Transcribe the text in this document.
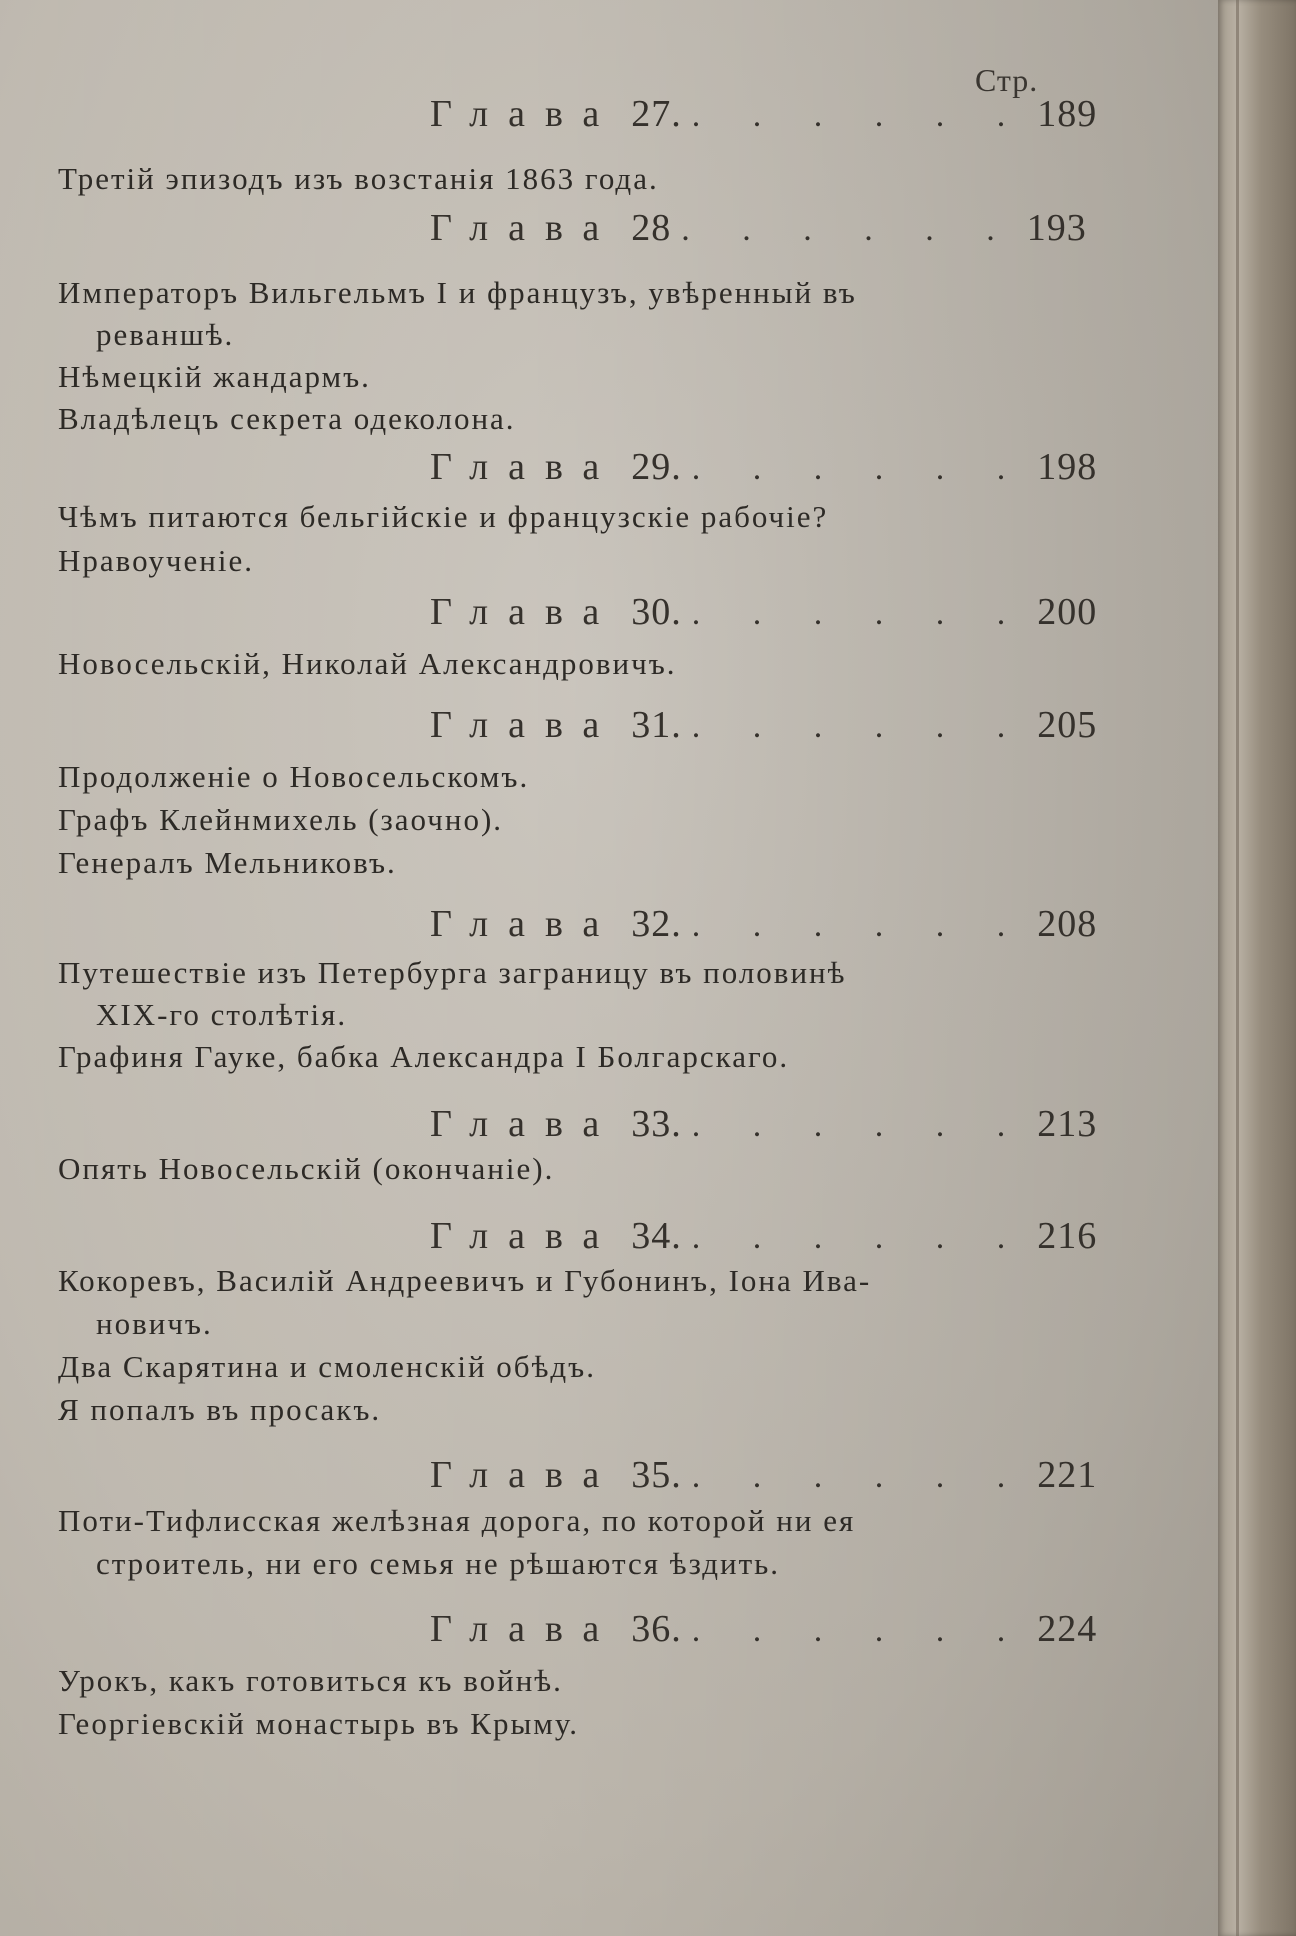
Стр.
Глава 27. . . . . . . 189
Третій эпизодъ изъ возстанія 1863 года.
Глава 28 . . . . . . 193
Императоръ Вильгельмъ I и французъ, увѣренный въ
реваншѣ.
Нѣмецкій жандармъ.
Владѣлецъ секрета одеколона.
Глава 29. . . . . . . 198
Чѣмъ питаются бельгійскіе и французскіе рабочіе?
Нравоученіе.
Глава 30. . . . . . . 200
Новосельскій, Николай Александровичъ.
Глава 31. . . . . . . 205
Продолженіе о Новосельскомъ.
Графъ Клейнмихель (заочно).
Генералъ Мельниковъ.
Глава 32. . . . . . . 208
Путешествіе изъ Петербурга заграницу въ половинѣ
XIX-го столѣтія.
Графиня Гауке, бабка Александра I Болгарскаго.
Глава 33. . . . . . . 213
Опять Новосельскій (окончаніе).
Глава 34. . . . . . . 216
Кокоревъ, Василій Андреевичъ и Губонинъ, Іона Ива-
новичъ.
Два Скарятина и смоленскій обѣдъ.
Я попалъ въ просакъ.
Глава 35. . . . . . . 221
Поти-Тифлисская желѣзная дорога, по которой ни ея
строитель, ни его семья не рѣшаются ѣздить.
Глава 36. . . . . . . 224
Урокъ, какъ готовиться къ войнѣ.
Георгіевскій монастырь въ Крыму.
